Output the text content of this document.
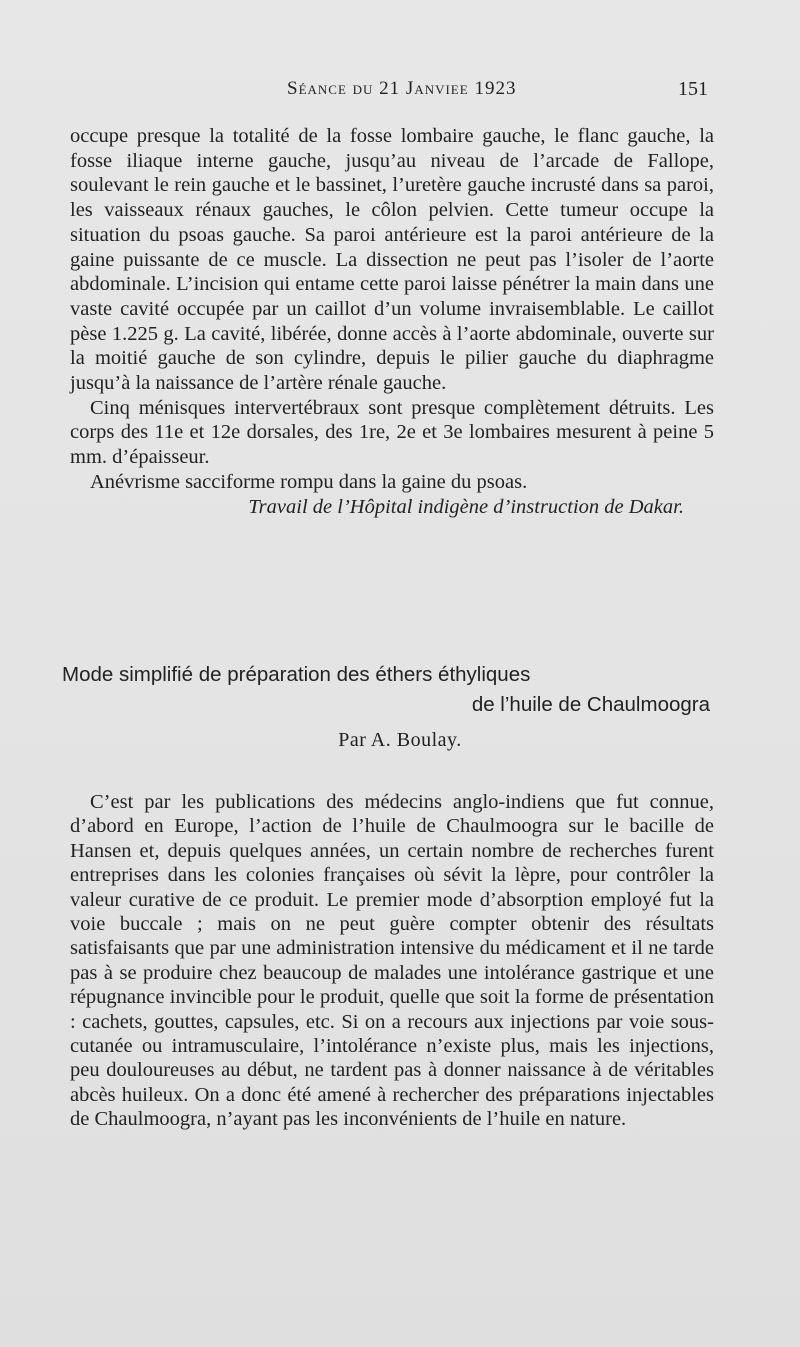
Séance du 21 Janviee 1923	151

occupe presque la totalité de la fosse lombaire gauche, le flanc gauche, la fosse iliaque interne gauche, jusqu’au niveau de l’arcade de Fallope, soulevant le rein gauche et le bassinet, l’uretère gauche incrusté dans sa paroi, les vaisseaux rénaux gauches, le côlon pelvien. Cette tumeur occupe la situation du psoas gauche. Sa paroi antérieure est la paroi antérieure de la gaine puissante de ce muscle. La dissection ne peut pas l’isoler de l’aorte abdominale. L’incision qui entame cette paroi laisse pénétrer la main dans une vaste cavité occupée par un caillot d’un volume invraisemblable. Le caillot pèse 1.225 g. La cavité, libérée, donne accès à l’aorte abdominale, ouverte sur la moitié gauche de son cylindre, depuis le pilier gauche du diaphragme jusqu’à la naissance de l’artère rénale gauche.

Cinq ménisques intervertébraux sont presque complètement détruits. Les corps des 11e et 12e dorsales, des 1re, 2e et 3e lombaires mesurent à peine 5 mm. d’épaisseur.

Anévrisme sacciforme rompu dans la gaine du psoas.

Travail de l’Hôpital indigène d’instruction de Dakar.

Mode simplifié de préparation des éthers éthyliques
de l’huile de Chaulmoogra
Par A. Boulay.

C’est par les publications des médecins anglo-indiens que fut connue, d’abord en Europe, l’action de l’huile de Chaulmoogra sur le bacille de Hansen et, depuis quelques années, un certain nombre de recherches furent entreprises dans les colonies françaises où sévit la lèpre, pour contrôler la valeur curative de ce produit. Le premier mode d’absorption employé fut la voie buccale ; mais on ne peut guère compter obtenir des résultats satisfaisants que par une administration intensive du médicament et il ne tarde pas à se produire chez beaucoup de malades une intolérance gastrique et une répugnance invincible pour le produit, quelle que soit la forme de présentation : cachets, gouttes, capsules, etc. Si on a recours aux injections par voie sous-cutanée ou intramusculaire, l’intolérance n’existe plus, mais les injections, peu douloureuses au début, ne tardent pas à donner naissance à de véritables abcès huileux. On a donc été amené à rechercher des préparations injectables de Chaulmoogra, n’ayant pas les inconvénients de l’huile en nature.
